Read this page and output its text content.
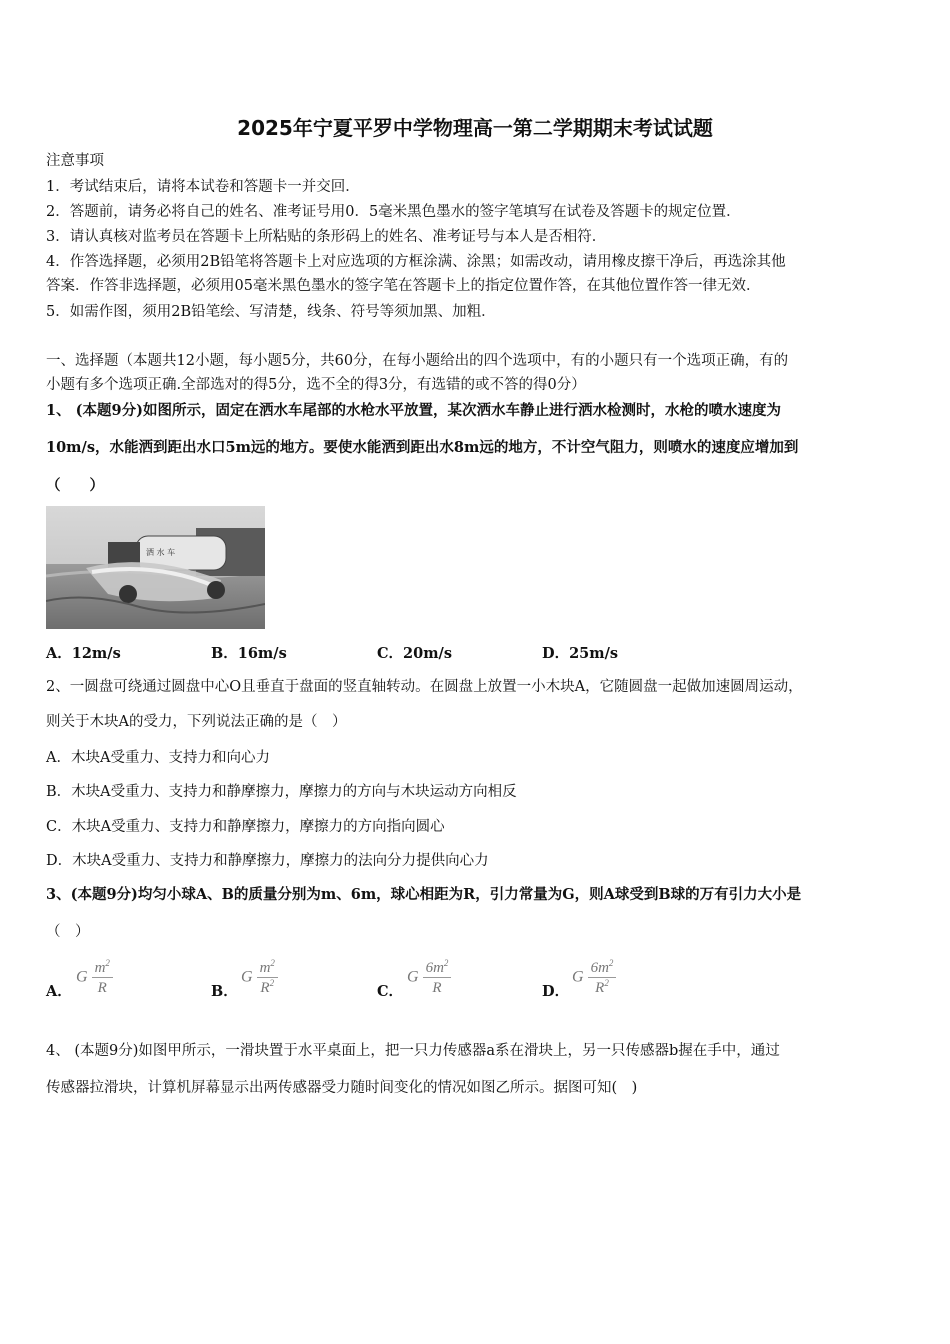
2025年宁夏平罗中学物理高一第二学期期末考试试题
注意事项
1．考试结束后，请将本试卷和答题卡一并交回．
2．答题前，请务必将自己的姓名、准考证号用0．5毫米黑色墨水的签字笔填写在试卷及答题卡的规定位置．
3．请认真核对监考员在答题卡上所粘贴的条形码上的姓名、准考证号与本人是否相符．
4．作答选择题，必须用2B铅笔将答题卡上对应选项的方框涂满、涂黑；如需改动，请用橡皮擦干净后，再选涂其他
答案．作答非选择题，必须用05毫米黑色墨水的签字笔在答题卡上的指定位置作答，在其他位置作答一律无效．
5．如需作图，须用2B铅笔绘、写清楚，线条、符号等须加黑、加粗．
一、选择题（本题共12小题，每小题5分，共60分，在每小题给出的四个选项中，有的小题只有一个选项正确，有的
小题有多个选项正确.全部选对的得5分，选不全的得3分，有选错的或不答的得0分）
1、 (本题9分)如图所示，固定在洒水车尾部的水枪水平放置，某次洒水车静止进行洒水检测时，水枪的喷水速度为
10m/s，水能洒到距出水口5m远的地方。要使水能洒到距出水8m远的地方，不计空气阻力，则喷水的速度应增加到
（　　）
洒 水 车
A．12m/s	B．16m/s	C．20m/s	D．25m/s
2、一圆盘可绕通过圆盘中心O且垂直于盘面的竖直轴转动。在圆盘上放置一小木块A，它随圆盘一起做加速圆周运动，
则关于木块A的受力，下列说法正确的是（　）
A．木块A受重力、支持力和向心力
B．木块A受重力、支持力和静摩擦力，摩擦力的方向与木块运动方向相反
C．木块A受重力、支持力和静摩擦力，摩擦力的方向指向圆心
D．木块A受重力、支持力和静摩擦力，摩擦力的法向分力提供向心力
3、(本题9分)均匀小球A、B的质量分别为m、6m，球心相距为R，引力常量为G，则A球受到B球的万有引力大小是
（　）
A．
G $\frac{m^2}{R}$	B．
G $\frac{m^2}{R^2}$	C．
G $\frac{6m^2}{R}$	D．
G $\frac{6m^2}{R^2}$
4、 (本题9分)如图甲所示，一滑块置于水平桌面上，把一只力传感器a系在滑块上，另一只传感器b握在手中，通过
传感器拉滑块，计算机屏幕显示出两传感器受力随时间变化的情况如图乙所示。据图可知(　)
